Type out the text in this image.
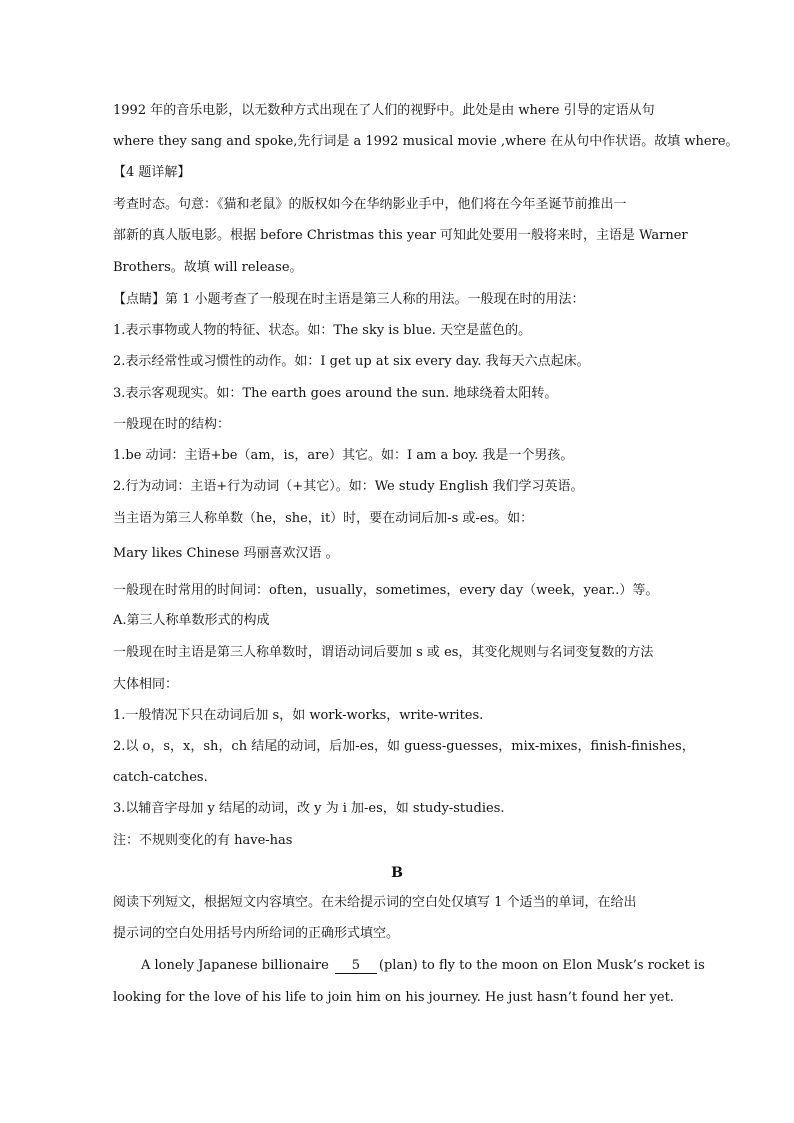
1992 年的音乐电影，以无数种方式出现在了人们的视野中。此处是由 where 引导的定语从句
where they sang and spoke,先行词是 a 1992 musical movie ,where 在从句中作状语。故填 where。
【4 题详解】
考查时态。句意：《猫和老鼠》的版权如今在华纳影业手中，他们将在今年圣诞节前推出一
部新的真人版电影。根据 before Christmas this year 可知此处要用一般将来时，主语是 Warner
Brothers。故填 will release。
【点睛】第 1 小题考查了一般现在时主语是第三人称的用法。一般现在时的用法：
1.表示事物或人物的特征、状态。如：The sky is blue. 天空是蓝色的。
2.表示经常性或习惯性的动作。如：I get up at six every day. 我每天六点起床。
3.表示客观现实。如：The earth goes around the sun. 地球绕着太阳转。
一般现在时的结构：
1.be 动词：主语+be（am，is，are）其它。如：I am a boy. 我是一个男孩。
2.行为动词：主语+行为动词（+其它）。如：We study English 我们学习英语。
当主语为第三人称单数（he，she，it）时，要在动词后加-s 或-es。如：
Mary likes Chinese 玛丽喜欢汉语 。
一般现在时常用的时间词：often，usually，sometimes，every day（week，year..）等。
A.第三人称单数形式的构成
一般现在时主语是第三人称单数时，谓语动词后要加 s 或 es，其变化规则与名词变复数的方法
大体相同：
1.一般情况下只在动词后加 s，如 work-works，write-writes.
2.以 o，s，x，sh，ch 结尾的动词，后加-es，如 guess-guesses，mix-mixes，finish-finishes，
catch-catches.
3.以辅音字母加 y 结尾的动词，改 y 为 i 加-es，如 study-studies.
注：不规则变化的有 have-has
B
阅读下列短文，根据短文内容填空。在未给提示词的空白处仅填写 1 个适当的单词，在给出
提示词的空白处用括号内所给词的正确形式填空。
A lonely Japanese billionaire 5 (plan) to fly to the moon on Elon Musk’s rocket is
looking for the love of his life to join him on his journey. He just hasn’t found her yet.
